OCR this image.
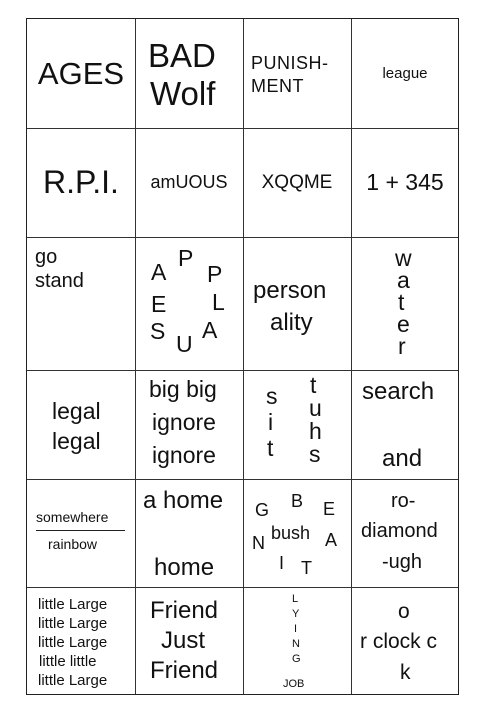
AGES BAD
Wolf
PUNISH-
MENT
league
R.P.I. amUOUS XQQME 1 + 345
go
stand	A
P
P
L
A
U
S
E	person
ality
w
a
t
e
r
legal
legal
big big
ignore
ignore
s
i
t
t
u
h
s
search
and
somewhere
rainbow
a home
home
B E
A
T
I
N
G
bush
ro-
diamond
-ugh
little Large
little Large
little Large
little little
little Large
Friend
Just
Friend
L
Y
I
N
G
JOB
o
r clock c
k
